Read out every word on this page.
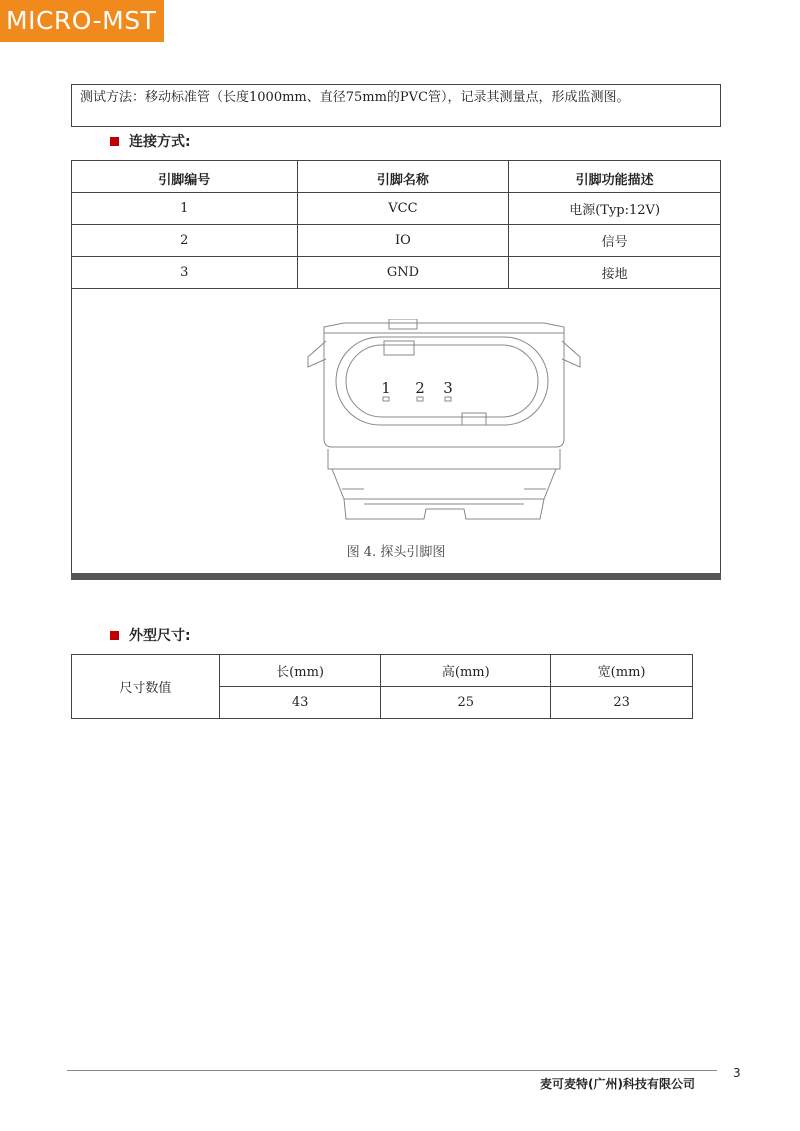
MICRO-MST
测试方法：移动标准管（长度1000mm、直径75mm的PVC管），记录其测量点，形成监测图。
连接方式:
引脚编号	引脚名称	引脚功能描述
1	VCC	电源(Typ:12V)
2	IO	信号
3	GND	接地
1 2 3
图 4. 探头引脚图
外型尺寸:
尺寸数值	长(mm)	高(mm)	宽(mm)
	43	25	23
麦可麦特(广州)科技有限公司
3
